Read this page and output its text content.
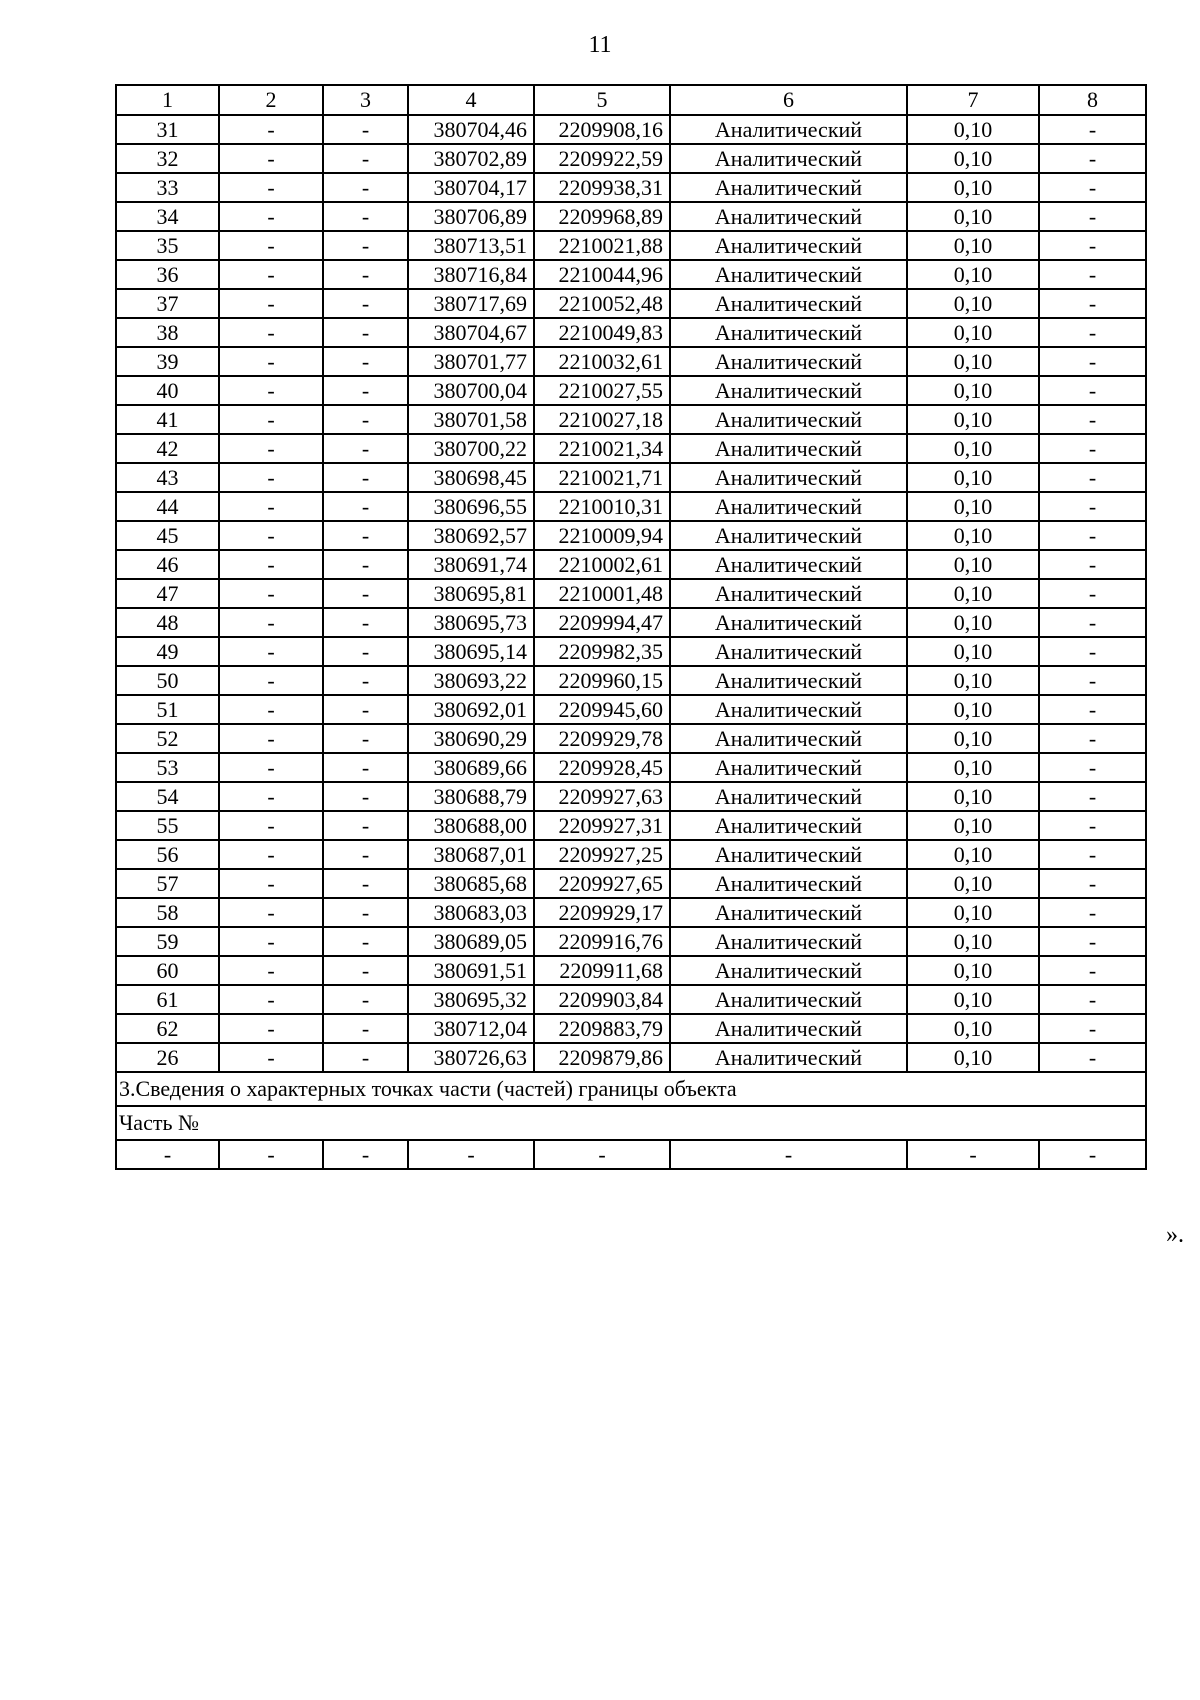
11
1	2	3	4	5	6	7	8
31	-	-	380704,46	2209908,16	Аналитический	0,10	-
32	-	-	380702,89	2209922,59	Аналитический	0,10	-
33	-	-	380704,17	2209938,31	Аналитический	0,10	-
34	-	-	380706,89	2209968,89	Аналитический	0,10	-
35	-	-	380713,51	2210021,88	Аналитический	0,10	-
36	-	-	380716,84	2210044,96	Аналитический	0,10	-
37	-	-	380717,69	2210052,48	Аналитический	0,10	-
38	-	-	380704,67	2210049,83	Аналитический	0,10	-
39	-	-	380701,77	2210032,61	Аналитический	0,10	-
40	-	-	380700,04	2210027,55	Аналитический	0,10	-
41	-	-	380701,58	2210027,18	Аналитический	0,10	-
42	-	-	380700,22	2210021,34	Аналитический	0,10	-
43	-	-	380698,45	2210021,71	Аналитический	0,10	-
44	-	-	380696,55	2210010,31	Аналитический	0,10	-
45	-	-	380692,57	2210009,94	Аналитический	0,10	-
46	-	-	380691,74	2210002,61	Аналитический	0,10	-
47	-	-	380695,81	2210001,48	Аналитический	0,10	-
48	-	-	380695,73	2209994,47	Аналитический	0,10	-
49	-	-	380695,14	2209982,35	Аналитический	0,10	-
50	-	-	380693,22	2209960,15	Аналитический	0,10	-
51	-	-	380692,01	2209945,60	Аналитический	0,10	-
52	-	-	380690,29	2209929,78	Аналитический	0,10	-
53	-	-	380689,66	2209928,45	Аналитический	0,10	-
54	-	-	380688,79	2209927,63	Аналитический	0,10	-
55	-	-	380688,00	2209927,31	Аналитический	0,10	-
56	-	-	380687,01	2209927,25	Аналитический	0,10	-
57	-	-	380685,68	2209927,65	Аналитический	0,10	-
58	-	-	380683,03	2209929,17	Аналитический	0,10	-
59	-	-	380689,05	2209916,76	Аналитический	0,10	-
60	-	-	380691,51	2209911,68	Аналитический	0,10	-
61	-	-	380695,32	2209903,84	Аналитический	0,10	-
62	-	-	380712,04	2209883,79	Аналитический	0,10	-
26	-	-	380726,63	2209879,86	Аналитический	0,10	-
3.Сведения о характерных точках части (частей) границы объекта							
Часть №							
-	-	-	-	-	-	-	-
».
